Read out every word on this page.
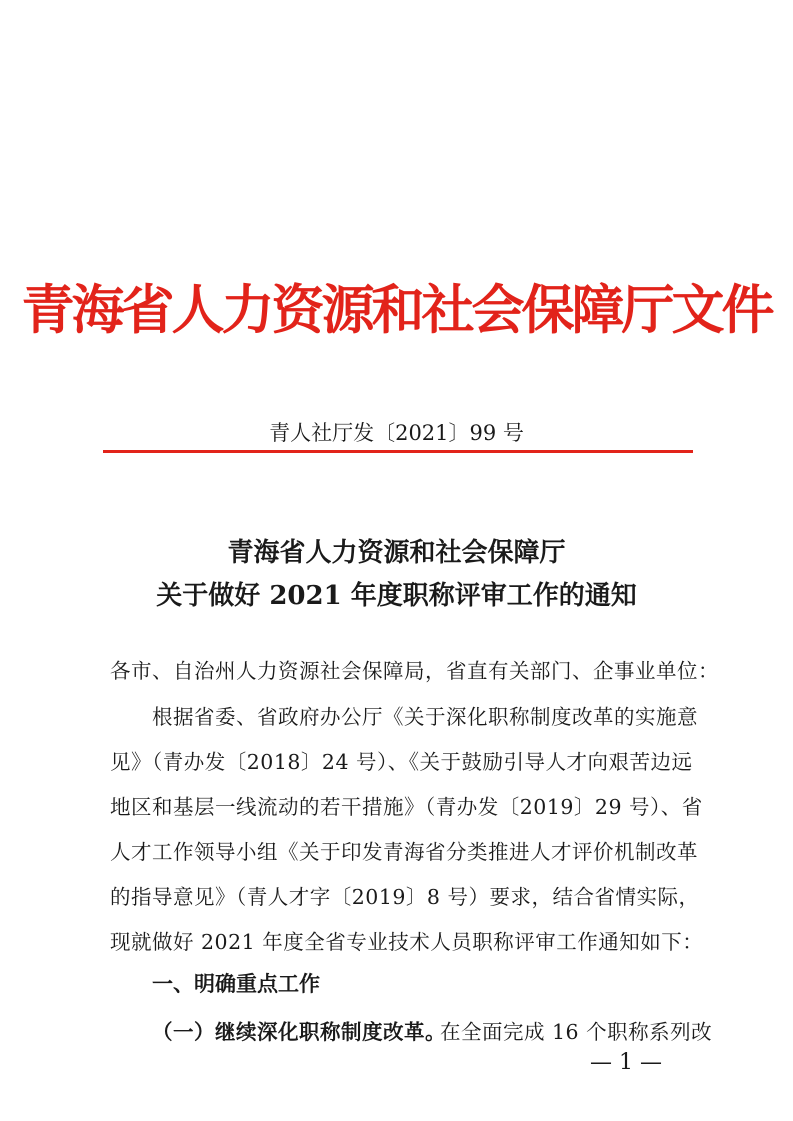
青海省人力资源和社会保障厅文件
青人社厅发〔2021〕99 号
青海省人力资源和社会保障厅
关于做好 2021 年度职称评审工作的通知
各市、自治州人力资源社会保障局，省直有关部门、企事业单位：
　　根据省委、省政府办公厅《关于深化职称制度改革的实施意
见》（青办发〔2018〕24 号）、《关于鼓励引导人才向艰苦边远
地区和基层一线流动的若干措施》（青办发〔2019〕29 号）、省
人才工作领导小组《关于印发青海省分类推进人才评价机制改革
的指导意见》（青人才字〔2019〕8 号）要求，结合省情实际，
现就做好 2021 年度全省专业技术人员职称评审工作通知如下：
一、明确重点工作
（一）继续深化职称制度改革。
在全面完成 16 个职称系列改
— 1 —
